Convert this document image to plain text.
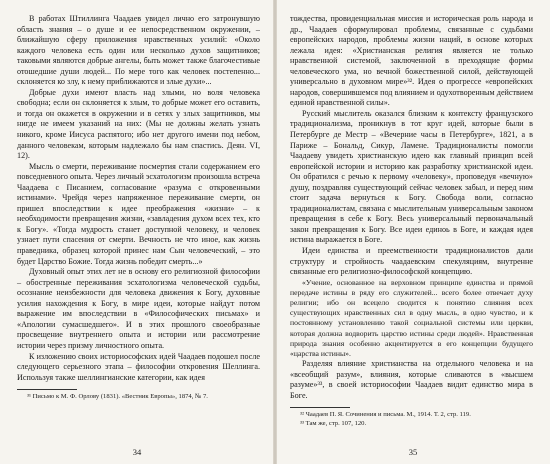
В работах Штиллинга Чаадаев увидел лично его затронувшую область знания – о душе и ее непосредственном окружении, – ближайшую сферу приложения нравственных усилий: «Около каждого человека есть один или несколько духов защитников; таковыми являются добрые ангелы, быть может также благочестивые отошедшие души людей... По мере того как человек постепенно... склоняется ко злу, к нему приближаются и злые духи»...

Добрые духи имеют власть над злыми, но воля человека свободна; если он склоняется к злым, то добрые может его оставить, и тогда он окажется в окружении и в сетях у злых защитников, мы нигде не имеем указаний на них: (Мы не должны желать узнать никого, кроме Иисуса распятого; ибо нет другого имени под небом, данного человекам, которым надлежало бы нам спастись. Деян. VI, 12).

Мысль о смерти, переживание посмертия стали содержанием его повседневного опыта. Через личный эсхатологизм произошла встреча Чаадаева с Писанием, согласование «разума с откровенными истинами». Чрейдя через напряженное переживание смерти, он пришел впоследствии к идее преображения «жизни» – к необходимости превращения жизни, «завладения духом всех тех, кто к Богу». «Тогда мудрость станет доступной человеку, и человек узнает пути спасения от смерти. Вечность не что иное, как жизнь праведника, образец которой принес нам Сын человеческий, – это будет Царство Божие. Тогда жизнь победит смерть...»

Духовный опыт этих лет не в основу его религиозной философии – обостренные переживания эсхатологизма человеческой судьбы, осознание неизбежности для человека движения к Богу, духовные усилия нахождения к Богу, в мире идеи, которые найдут потом выражение им впоследствии в «Философических письмах» и «Апологии сумасшедшего». И в этих прошлого своеобразные просвещение внутреннего опыта и истории или рассмотрение истории через призму личностного опыта.

К изложению своих историософских идей Чаадаев подошел после следующего серьезного этапа – философии откровения Шеллинга. Используя также шеллингианские категории, как идея

³¹ Письмо к М. Ф. Орлову (1831). «Вестник Европы», 1874, № 7.

34

тождества, провиденциальная миссия и историческая роль народа и др., Чаадаев сформулировал проблемы, связанные с судьбами европейских народов, проблемы жизни наций, в основе которых лежала идея: «Христианская религия является не только нравственной системой, заключенной в преходящие формы человеческого ума, но вечной божественной силой, действующей универсально в духовном мире»³². Идея о прогрессе «европейских народов, совершившемся под влиянием и одухотворенным действием единой нравственной силы».

Русский мыслитель оказался близким к контексту французского традиционализма, проникнув в тот круг идей, которые были в Петербурге де Местр – «Вечерние часы в Петербурге», 1821, а в Париже – Бональд, Сикур, Ламене. Традиционалисты помогли Чаадаеву увидеть христианскую идею как главный принцип всей европейской истории и историю как разработку христианской идеи. Он обратился с речью к первому «человеку», проповедуя «вечную» душу, поздравляя существующий сейчас человек забыл, и перед ним стоит задача вернуться к Богу. Свобода воли, согласно традиционалистам, связана с мыслительным универсальным законом превращения в себе к Богу. Весь универсальный первоначальный закон превращения к Богу. Все идеи единоь в Боге, и каждая идея истина выражается в Боге.

Идеи единства и преемственности традиционалистов дали структуру и стройность чаадаевским спекуляциям, внутренне связанные его религиозно-философской концепцию.

«Учение, основанное на верховном принципе единства и прямой передаче истины в ряду его служителей... всего более отвечает духу религии; ибо он всецело сводится к понятию слияния всех существующих нравственных сил в одну мысль, в одно чувство, и к постоянному установлению такой социальной системы или церкви, которая должна водворить царство истины среди людей». Нравственная природа знания особенно акцентируется в его концепции будущего «царства истины».

Разделяя влияние христианства на отдельного человека и на «всеобщий разум», влияния, которые сливаются в «высшем разуме»³³, в своей историософии Чаадаев видит единство мира в Боге.

³² Чаадаев П. Я. Сочинения и письма. М., 1914. Т. 2, стр. 119.

³³ Там же, стр. 107, 120.

35
